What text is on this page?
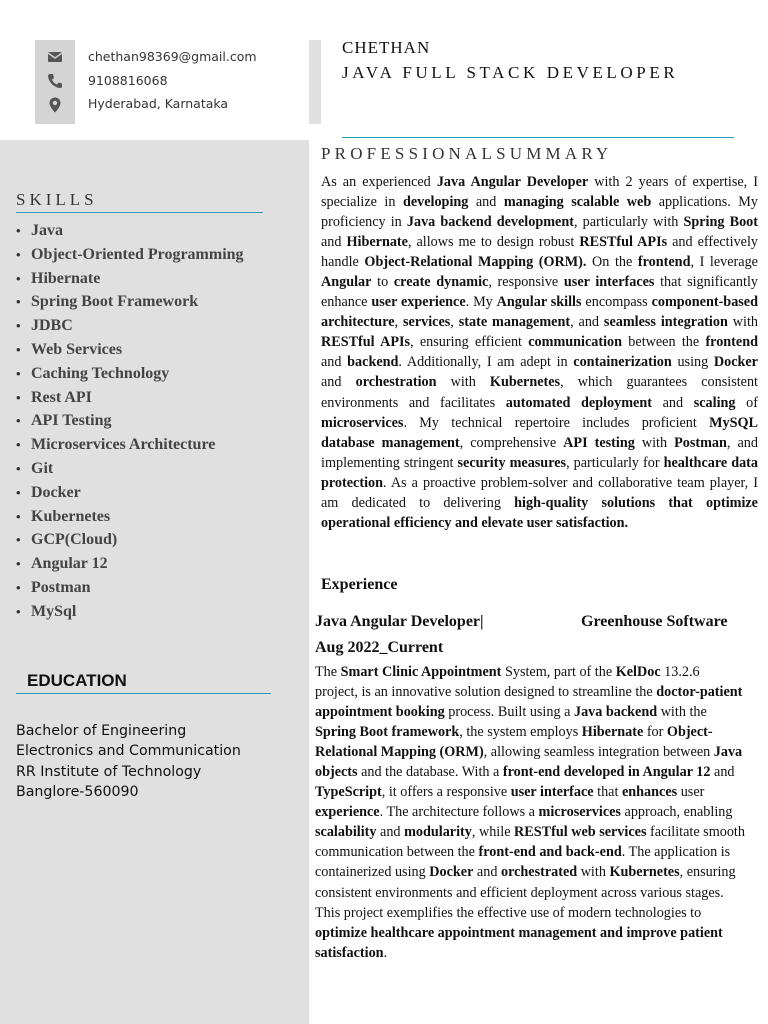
chethan98369@gmail.com
9108816068
Hyderabad, Karnataka
CHETHAN
JAVA FULL STACK DEVELOPER
SKILLS
• Java
• Object-Oriented Programming
• Hibernate
• Spring Boot Framework
• JDBC
• Web Services
• Caching Technology
• Rest API
• API Testing
• Microservices Architecture
• Git
• Docker
• Kubernetes
• GCP(Cloud)
• Angular 12
• Postman
• MySql
EDUCATION
Bachelor of Engineering
Electronics and Communication
RR Institute of Technology
Banglore-560090
PROFESSIONALSUMMARY

As an experienced Java Angular Developer with 2 years of expertise, I specialize in developing and managing scalable web applications. My proficiency in Java backend development, particularly with Spring Boot and Hibernate, allows me to design robust RESTful APIs and effectively handle Object-Relational Mapping (ORM). On the frontend, I leverage Angular to create dynamic, responsive user interfaces that significantly enhance user experience. My Angular skills encompass component-based architecture, services, state management, and seamless integration with RESTful APIs, ensuring efficient communication between the frontend and backend. Additionally, I am adept in containerization using Docker and orchestration with Kubernetes, which guarantees consistent environments and facilitates automated deployment and scaling of microservices. My technical repertoire includes proficient MySQL database management, comprehensive API testing with Postman, and implementing stringent security measures, particularly for healthcare data protection. As a proactive problem-solver and collaborative team player, I am dedicated to delivering high-quality solutions that optimize operational efficiency and elevate user satisfaction.

Experience
Java Angular Developer|	Greenhouse Software
Aug 2022_Current

The Smart Clinic Appointment System, part of the KelDoc 13.2.6 project, is an innovative solution designed to streamline the doctor-patient appointment booking process. Built using a Java backend with the Spring Boot framework, the system employs Hibernate for Object-Relational Mapping (ORM), allowing seamless integration between Java objects and the database. With a front-end developed in Angular 12 and TypeScript, it offers a responsive user interface that enhances user experience. The architecture follows a microservices approach, enabling scalability and modularity, while RESTful web services facilitate smooth communication between the front-end and back-end. The application is containerized using Docker and orchestrated with Kubernetes, ensuring consistent environments and efficient deployment across various stages. This project exemplifies the effective use of modern technologies to optimize healthcare appointment management and improve patient satisfaction.
